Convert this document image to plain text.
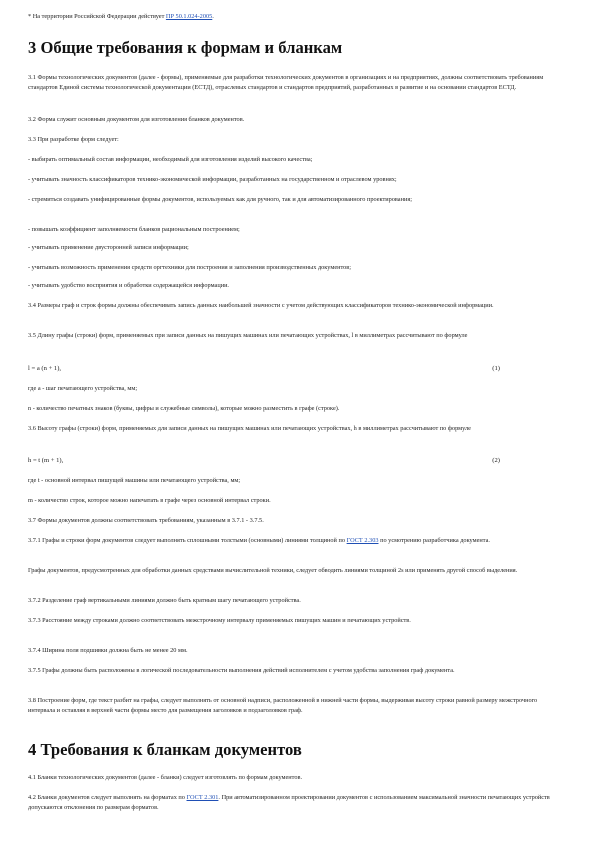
* На территории Российской Федерации действует ПР 50.1.024-2005.

3 Общие требования к формам и бланкам

3.1 Формы технологических документов (далее - формы), применяемые для разработки технологических документов в организациях и на предприятиях, должны соответствовать требованиям стандартов Единой системы технологической документации (ЕСТД), отраслевых стандартов и стандартов предприятий, разработанных в развитие и на основании стандартов ЕСТД.

3.2 Форма служит основным документом для изготовления бланков документов.

3.3 При разработке форм следует:

- выбирать оптимальный состав информации, необходимый для изготовления изделий высокого качества;

- учитывать значность классификаторов технико-экономической информации, разработанных на государственном и отраслевом уровнях;

- стремиться создавать унифицированные формы документов, используемых как для ручного, так и для автоматизированного проектирования;

- повышать коэффициент заполняемости бланков рациональным построением;

- учитывать применение двусторонней записи информации;

- учитывать возможность применения средств оргтехники для построения и заполнения производственных документов;

- учитывать удобство восприятия и обработки содержащейся информации.

3.4 Размеры граф и строк формы должны обеспечивать запись данных наибольшей значности с учетом действующих классификаторов технико-экономической информации.

3.5 Длину графы (строки) форм, применяемых при записи данных на пишущих машинах или печатающих устройствах, l в миллиметрах рассчитывают по формуле

l = a (n + 1),	(1)

где a - шаг печатающего устройства, мм;

n - количество печатных знаков (буквы, цифры и служебные символы), которые можно разместить в графе (строке).

3.6 Высоту графы (строки) форм, применяемых для записи данных на пишущих машинах или печатающих устройствах, h в миллиметрах рассчитывают по формуле

h = t (m + 1),	(2)

где t - основной интервал пишущей машины или печатающего устройства, мм;

m - количество строк, которое можно напечатать в графе через основной интервал строки.

3.7 Формы документов должны соответствовать требованиям, указанным в 3.7.1 - 3.7.5.

3.7.1 Графы и строки форм документов следует выполнять сплошными толстыми (основными) линиями толщиной по ГОСТ 2.303 по усмотрению разработчика документа.

Графы документов, предусмотренных для обработки данных средствами вычислительной техники, следует обводить линиями толщиной 2s или применять другой способ выделения.

3.7.2 Разделение граф вертикальными линиями должно быть кратным шагу печатающего устройства.

3.7.3 Расстояние между строками должно соответствовать межстрочному интервалу применяемых пишущих машин и печатающих устройств.

3.7.4 Ширина поля подшивки должна быть не менее 20 мм.

3.7.5 Графы должны быть расположены в логической последовательности выполнения действий исполнителем с учетом удобства заполнения граф документа.

3.8 Построение форм, где текст разбит на графы, следует выполнять от основной надписи, расположенной в нижней части формы, выдерживая высоту строки равной размеру межстрочного интервала и оставляя в верхней части формы место для размещения заголовков и подзаголовков граф.

4 Требования к бланкам документов

4.1 Бланки технологических документов (далее - бланки) следует изготовлять по формам документов.

4.2 Бланки документов следует выполнять на форматах по ГОСТ 2.301. При автоматизированном проектировании документов с использованием максимальной значности печатающих устройств допускаются отклонения по размерам форматов.
